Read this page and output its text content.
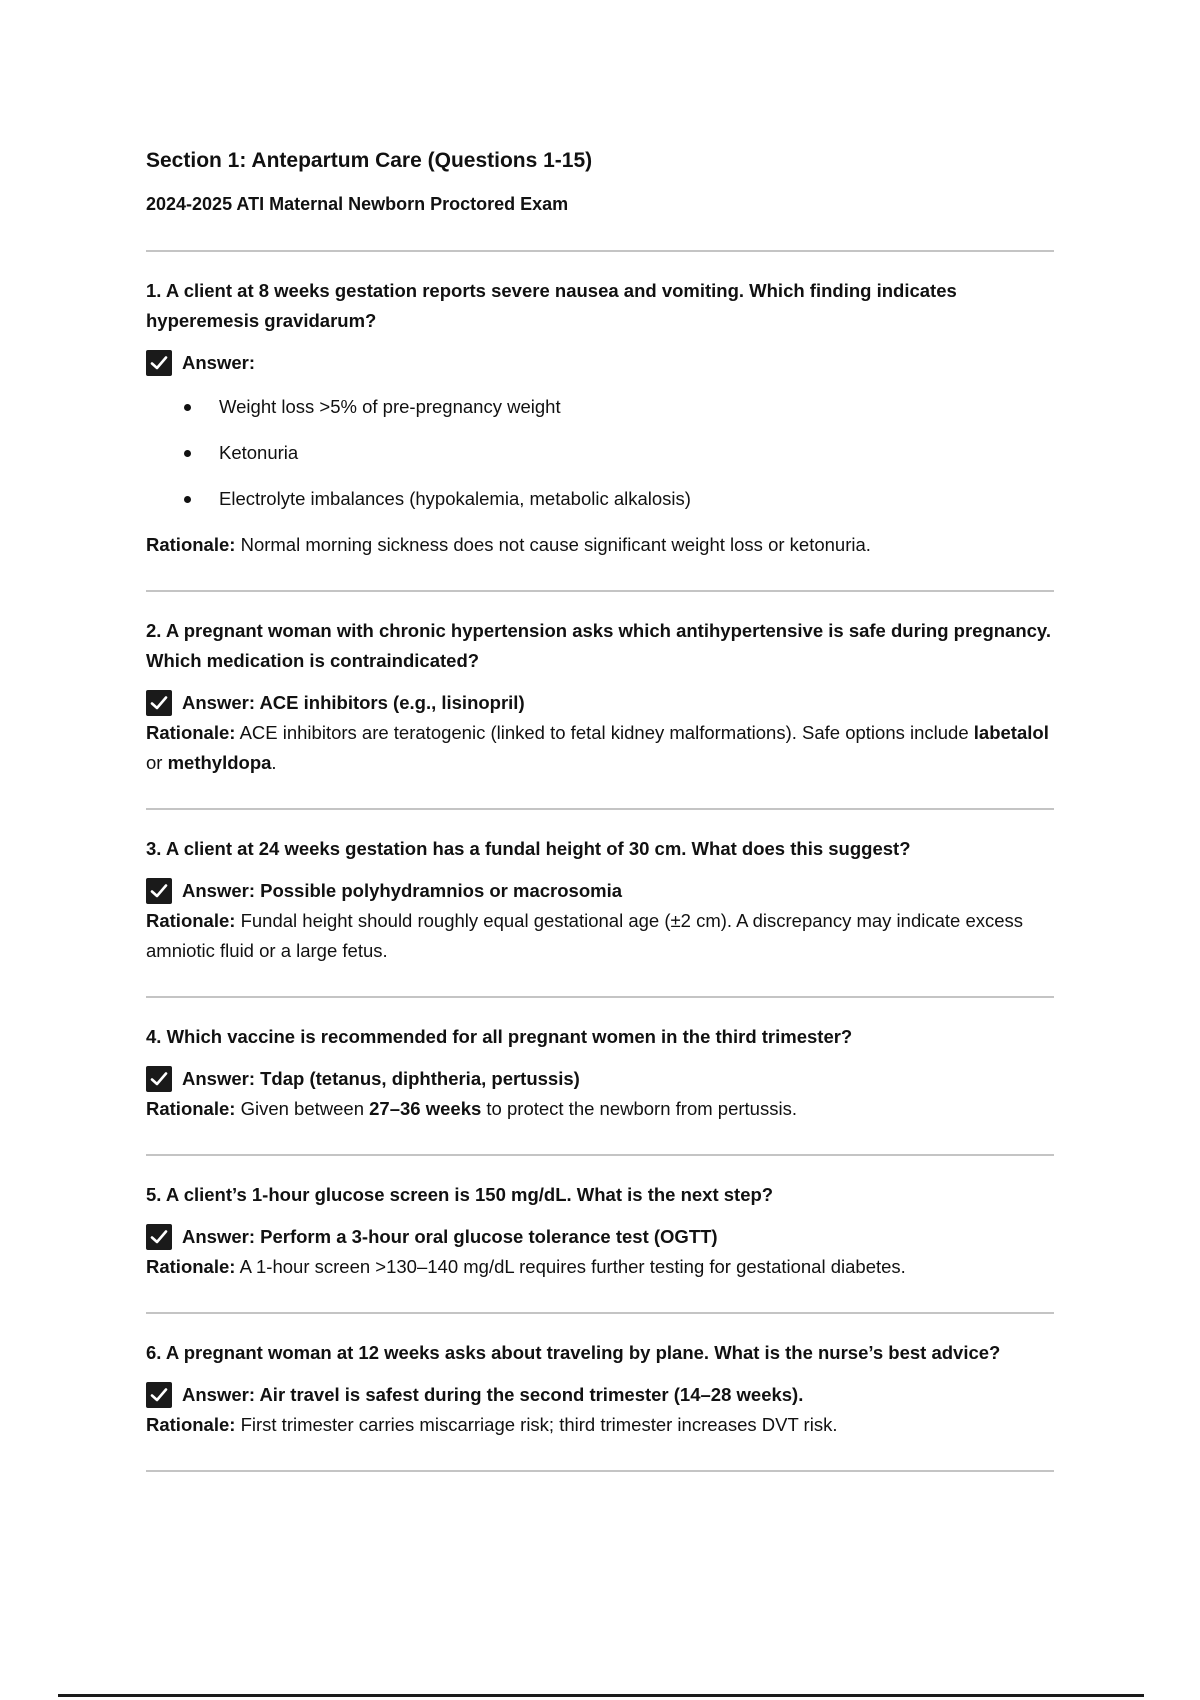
Section 1: Antepartum Care (Questions 1-15)
2024-2025 ATI Maternal Newborn Proctored Exam

1. A client at 8 weeks gestation reports severe nausea and vomiting. Which finding indicates hyperemesis gravidarum?

Answer:
Weight loss >5% of pre-pregnancy weight
Ketonuria
Electrolyte imbalances (hypokalemia, metabolic alkalosis)

Rationale: Normal morning sickness does not cause significant weight loss or ketonuria.

2. A pregnant woman with chronic hypertension asks which antihypertensive is safe during pregnancy. Which medication is contraindicated?

Answer: ACE inhibitors (e.g., lisinopril)

Rationale: ACE inhibitors are teratogenic (linked to fetal kidney malformations). Safe options include labetalol or methyldopa.

3. A client at 24 weeks gestation has a fundal height of 30 cm. What does this suggest?

Answer: Possible polyhydramnios or macrosomia

Rationale: Fundal height should roughly equal gestational age (±2 cm). A discrepancy may indicate excess amniotic fluid or a large fetus.

4. Which vaccine is recommended for all pregnant women in the third trimester?

Answer: Tdap (tetanus, diphtheria, pertussis)

Rationale: Given between 27–36 weeks to protect the newborn from pertussis.

5. A client’s 1-hour glucose screen is 150 mg/dL. What is the next step?

Answer: Perform a 3-hour oral glucose tolerance test (OGTT)

Rationale: A 1-hour screen >130–140 mg/dL requires further testing for gestational diabetes.

6. A pregnant woman at 12 weeks asks about traveling by plane. What is the nurse’s best advice?

Answer: Air travel is safest during the second trimester (14–28 weeks).

Rationale: First trimester carries miscarriage risk; third trimester increases DVT risk.
